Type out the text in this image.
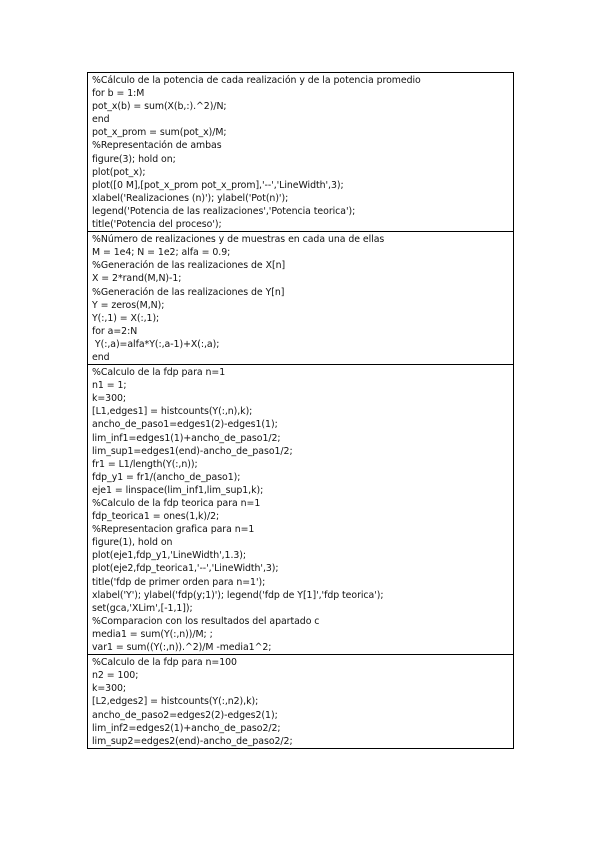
%Cálculo de la potencia de cada realización y de la potencia promedio
for b = 1:M
pot_x(b) = sum(X(b,:).^2)/N;
end
pot_x_prom = sum(pot_x)/M;
%Representación de ambas
figure(3); hold on;
plot(pot_x);
plot([0 M],[pot_x_prom pot_x_prom],'--','LineWidth',3);
xlabel('Realizaciones (n)'); ylabel('Pot(n)');
legend('Potencia de las realizaciones','Potencia teorica');
title('Potencia del proceso');

%Número de realizaciones y de muestras en cada una de ellas
M = 1e4; N = 1e2; alfa = 0.9;
%Generación de las realizaciones de X[n]
X = 2*rand(M,N)-1;
%Generación de las realizaciones de Y[n]
Y = zeros(M,N);
Y(:,1) = X(:,1);
for a=2:N
Y(:,a)=alfa*Y(:,a-1)+X(:,a);
end

%Calculo de la fdp para n=1
n1 = 1;
k=300;
[L1,edges1] = histcounts(Y(:,n),k);
ancho_de_paso1=edges1(2)-edges1(1);
lim_inf1=edges1(1)+ancho_de_paso1/2;
lim_sup1=edges1(end)-ancho_de_paso1/2;
fr1 = L1/length(Y(:,n));
fdp_y1 = fr1/(ancho_de_paso1);
eje1 = linspace(lim_inf1,lim_sup1,k);
%Calculo de la fdp teorica para n=1
fdp_teorica1 = ones(1,k)/2;
%Representacion grafica para n=1
figure(1), hold on
plot(eje1,fdp_y1,'LineWidth',1.3);
plot(eje2,fdp_teorica1,'--','LineWidth',3);
title('fdp de primer orden para n=1');
xlabel('Y'); ylabel('fdp(y;1)'); legend('fdp de Y[1]','fdp teorica');
set(gca,'XLim',[-1,1]);
%Comparacion con los resultados del apartado c
media1 = sum(Y(:,n))/M; ;
var1 = sum((Y(:,n)).^2)/M -media1^2;

%Calculo de la fdp para n=100
n2 = 100;
k=300;
[L2,edges2] = histcounts(Y(:,n2),k);
ancho_de_paso2=edges2(2)-edges2(1);
lim_inf2=edges2(1)+ancho_de_paso2/2;
lim_sup2=edges2(end)-ancho_de_paso2/2;
